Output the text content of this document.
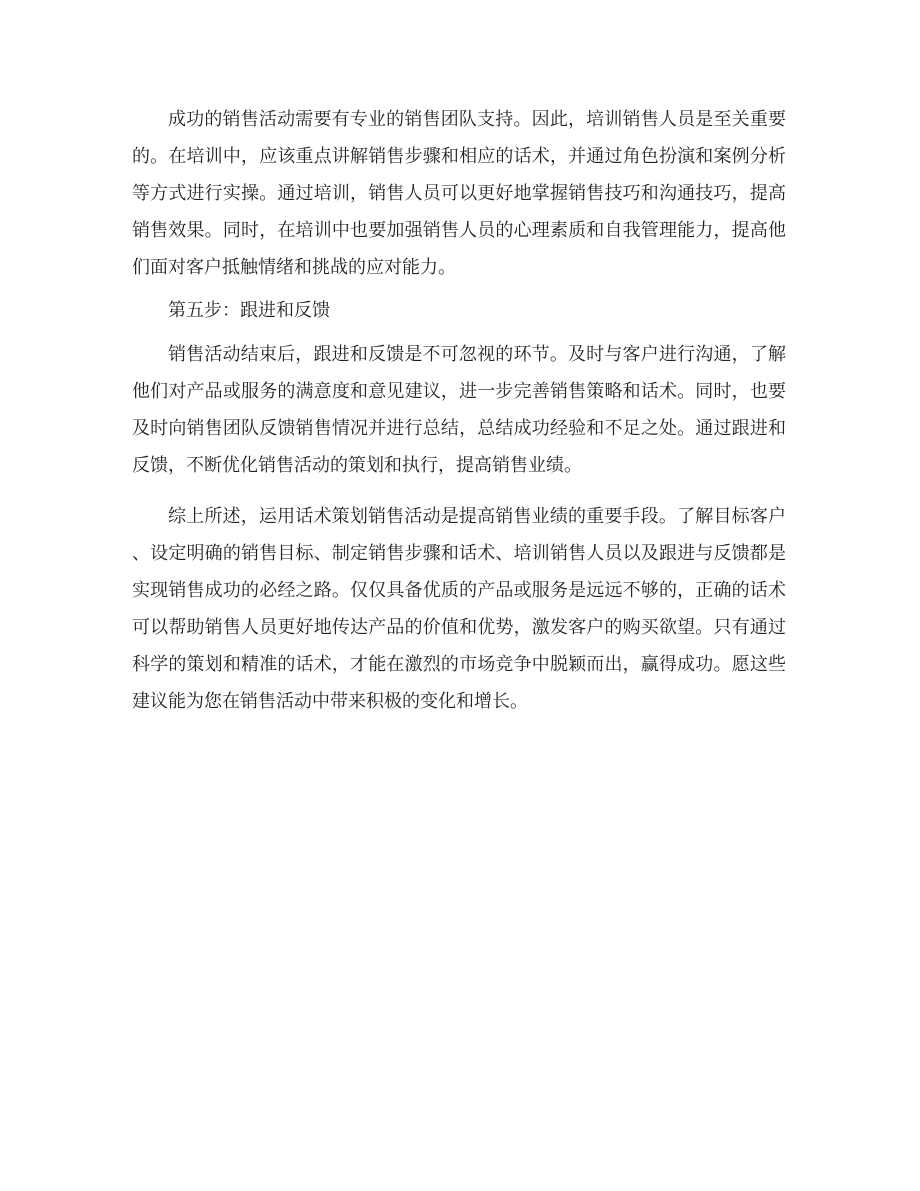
成功的销售活动需要有专业的销售团队支持。因此，培训销售人员是至关重要
的。在培训中，应该重点讲解销售步骤和相应的话术，并通过角色扮演和案例分析
等方式进行实操。通过培训，销售人员可以更好地掌握销售技巧和沟通技巧，提高
销售效果。同时，在培训中也要加强销售人员的心理素质和自我管理能力，提高他
们面对客户抵触情绪和挑战的应对能力。
第五步：跟进和反馈
销售活动结束后，跟进和反馈是不可忽视的环节。及时与客户进行沟通，了解
他们对产品或服务的满意度和意见建议，进一步完善销售策略和话术。同时，也要
及时向销售团队反馈销售情况并进行总结，总结成功经验和不足之处。通过跟进和
反馈，不断优化销售活动的策划和执行，提高销售业绩。
综上所述，运用话术策划销售活动是提高销售业绩的重要手段。了解目标客户
、设定明确的销售目标、制定销售步骤和话术、培训销售人员以及跟进与反馈都是
实现销售成功的必经之路。仅仅具备优质的产品或服务是远远不够的，正确的话术
可以帮助销售人员更好地传达产品的价值和优势，激发客户的购买欲望。只有通过
科学的策划和精准的话术，才能在激烈的市场竞争中脱颖而出，赢得成功。愿这些
建议能为您在销售活动中带来积极的变化和增长。
